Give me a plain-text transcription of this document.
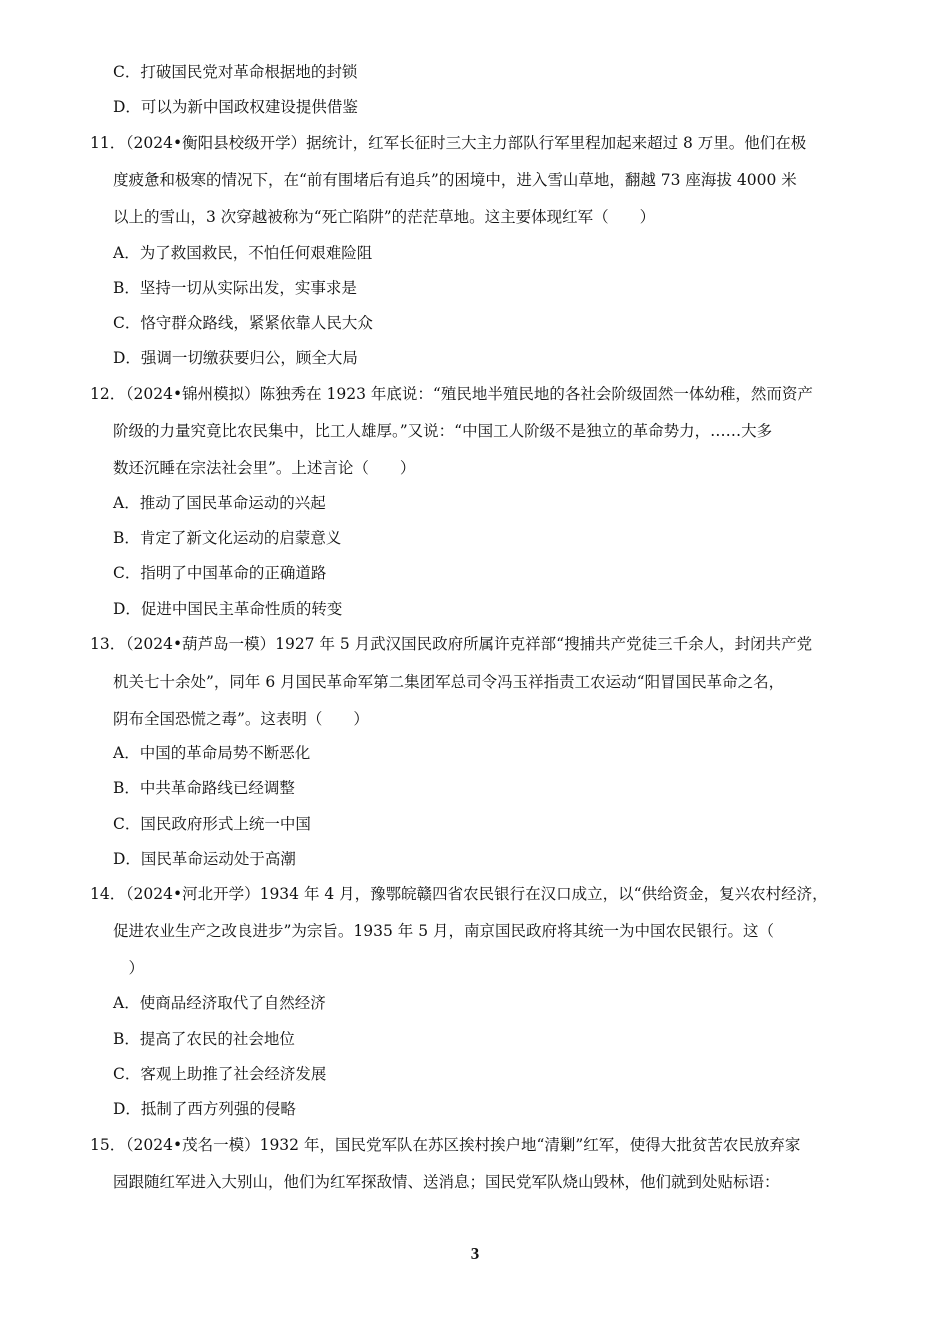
C．打破国民党对革命根据地的封锁
D．可以为新中国政权建设提供借鉴
11．
（2024•衡阳县校级开学）据统计，红军长征时三大主力部队行军里程加起来超过 8 万里。他们在极
度疲惫和极寒的情况下，在“前有围堵后有追兵”的困境中，进入雪山草地，翻越 73 座海拔 4000 米
以上的雪山，3 次穿越被称为“死亡陷阱”的茫茫草地。这主要体现红军（　　）
A．为了救国救民，不怕任何艰难险阻
B．坚持一切从实际出发，实事求是
C．恪守群众路线，紧紧依靠人民大众
D．强调一切缴获要归公，顾全大局
12．
（2024•锦州模拟）陈独秀在 1923 年底说：“殖民地半殖民地的各社会阶级固然一体幼稚，然而资产
阶级的力量究竟比农民集中，比工人雄厚。”又说：“中国工人阶级不是独立的革命势力，……大多
数还沉睡在宗法社会里”。上述言论（　　）
A．推动了国民革命运动的兴起
B．肯定了新文化运动的启蒙意义
C．指明了中国革命的正确道路
D．促进中国民主革命性质的转变
13．
（2024•葫芦岛一模）1927 年 5 月武汉国民政府所属许克祥部“搜捕共产党徒三千余人，封闭共产党
机关七十余处”，同年 6 月国民革命军第二集团军总司令冯玉祥指责工农运动“阳冒国民革命之名，
阴布全国恐慌之毒”。这表明（　　）
A．中国的革命局势不断恶化
B．中共革命路线已经调整
C．国民政府形式上统一中国
D．国民革命运动处于高潮
14．
（2024•河北开学）1934 年 4 月，豫鄂皖赣四省农民银行在汉口成立，以“供给资金，复兴农村经济，
促进农业生产之改良进步”为宗旨。1935 年 5 月，南京国民政府将其统一为中国农民银行。这（
　）
A．使商品经济取代了自然经济
B．提高了农民的社会地位
C．客观上助推了社会经济发展
D．抵制了西方列强的侵略
15．
（2024•茂名一模）1932 年，国民党军队在苏区挨村挨户地“清剿”红军，使得大批贫苦农民放弃家
园跟随红军进入大别山，他们为红军探敌情、送消息；国民党军队烧山毁林，他们就到处贴标语：
3
